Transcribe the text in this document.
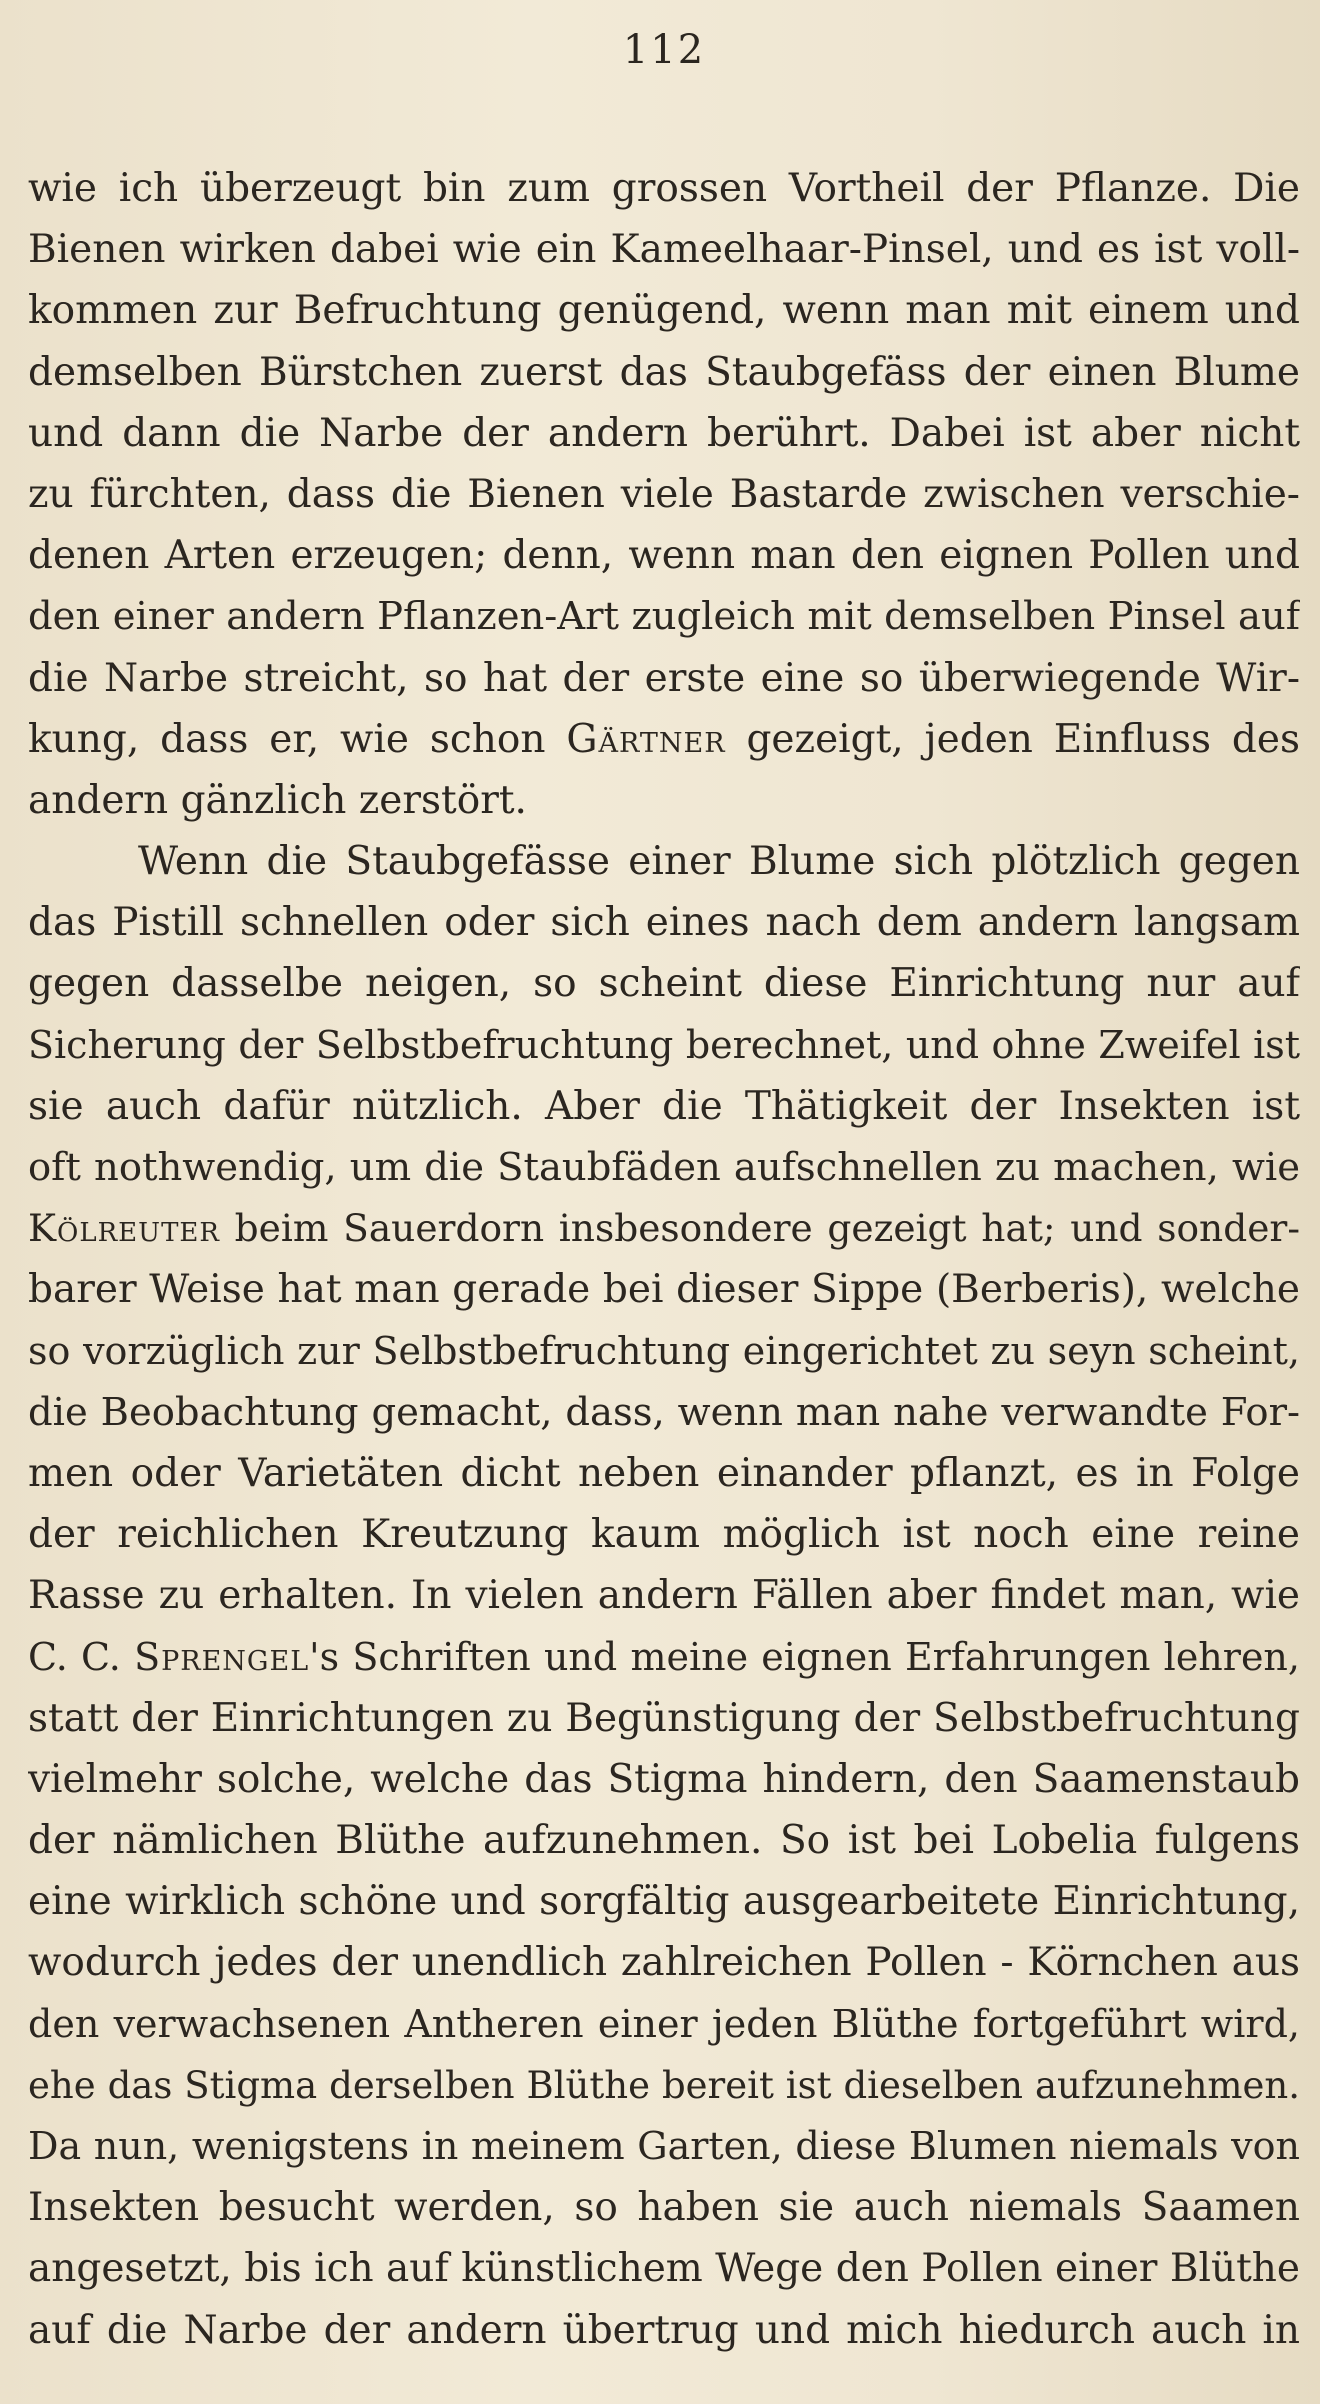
112
wie ich überzeugt bin zum grossen Vortheil der Pflanze. Die
Bienen wirken dabei wie ein Kameelhaar-Pinsel, und es ist voll-
kommen zur Befruchtung genügend, wenn man mit einem und
demselben Bürstchen zuerst das Staubgefäss der einen Blume
und dann die Narbe der andern berührt. Dabei ist aber nicht
zu fürchten, dass die Bienen viele Bastarde zwischen verschie-
denen Arten erzeugen; denn, wenn man den eignen Pollen und
den einer andern Pflanzen-Art zugleich mit demselben Pinsel auf
die Narbe streicht, so hat der erste eine so überwiegende Wir-
kung, dass er, wie schon Gärtner gezeigt, jeden Einfluss des
andern gänzlich zerstört.
Wenn die Staubgefässe einer Blume sich plötzlich gegen
das Pistill schnellen oder sich eines nach dem andern langsam
gegen dasselbe neigen, so scheint diese Einrichtung nur auf
Sicherung der Selbstbefruchtung berechnet, und ohne Zweifel ist
sie auch dafür nützlich. Aber die Thätigkeit der Insekten ist
oft nothwendig, um die Staubfäden aufschnellen zu machen, wie
Kölreuter beim Sauerdorn insbesondere gezeigt hat; und sonder-
barer Weise hat man gerade bei dieser Sippe (Berberis), welche
so vorzüglich zur Selbstbefruchtung eingerichtet zu seyn scheint,
die Beobachtung gemacht, dass, wenn man nahe verwandte For-
men oder Varietäten dicht neben einander pflanzt, es in Folge
der reichlichen Kreutzung kaum möglich ist noch eine reine
Rasse zu erhalten. In vielen andern Fällen aber findet man, wie
C. C. Sprengel's Schriften und meine eignen Erfahrungen lehren,
statt der Einrichtungen zu Begünstigung der Selbstbefruchtung
vielmehr solche, welche das Stigma hindern, den Saamenstaub
der nämlichen Blüthe aufzunehmen. So ist bei Lobelia fulgens
eine wirklich schöne und sorgfältig ausgearbeitete Einrichtung,
wodurch jedes der unendlich zahlreichen Pollen - Körnchen aus
den verwachsenen Antheren einer jeden Blüthe fortgeführt wird,
ehe das Stigma derselben Blüthe bereit ist dieselben aufzunehmen.
Da nun, wenigstens in meinem Garten, diese Blumen niemals von
Insekten besucht werden, so haben sie auch niemals Saamen
angesetzt, bis ich auf künstlichem Wege den Pollen einer Blüthe
auf die Narbe der andern übertrug und mich hiedurch auch in
